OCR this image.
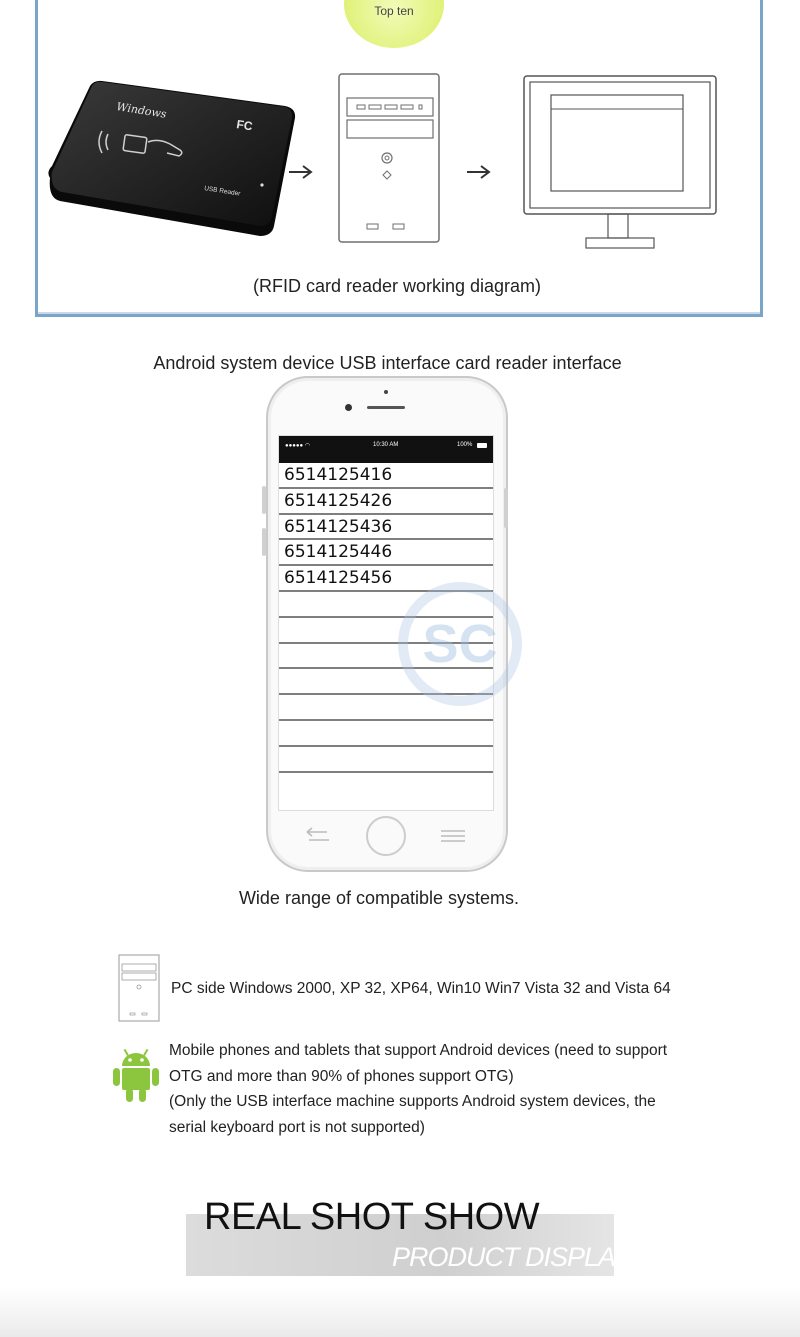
Top ten
Windows
FC
USB Reader
(RFID card reader working diagram)
Android system device USB interface card reader interface
●●●●● ◠	10:30 AM	100%
6514125416
6514125426
6514125436
6514125446
6514125456
SC
Wide range of compatible systems.
PC side Windows 2000, XP 32, XP64, Win10 Win7 Vista 32 and Vista 64
Mobile phones and tablets that support Android devices (need to support
OTG and more than 90% of phones support OTG)
(Only the USB interface machine supports Android system devices, the
serial keyboard port is not supported)
REAL SHOT SHOW
PRODUCT DISPLAY
